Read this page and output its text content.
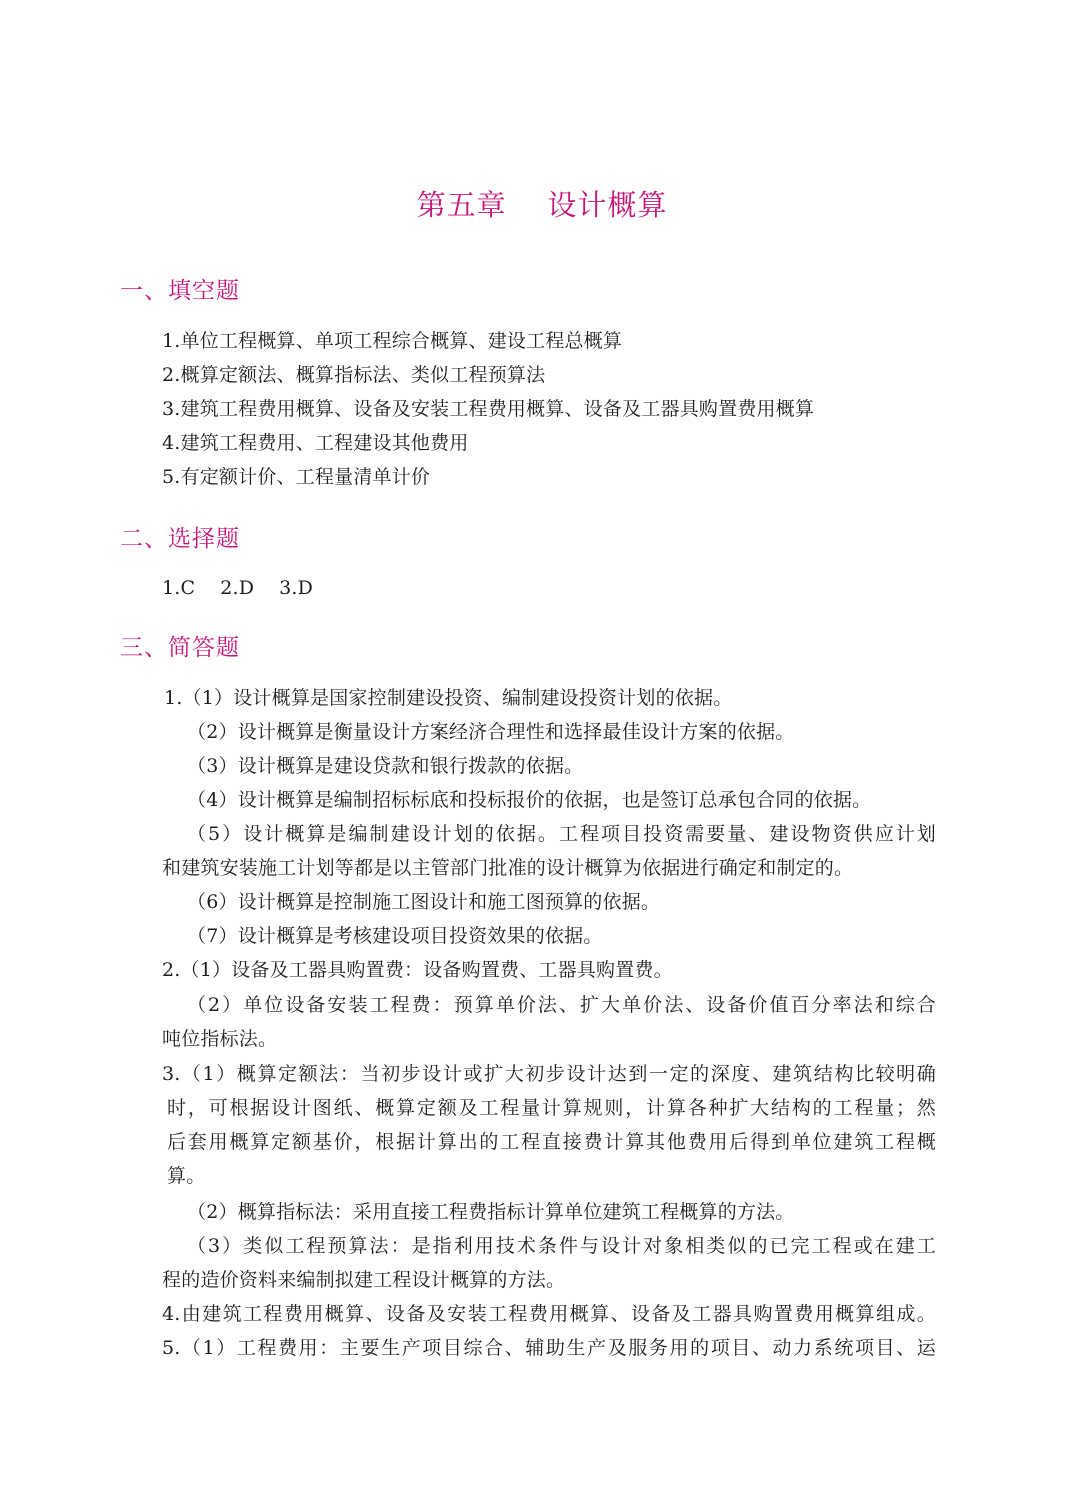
第五章    设计概算
一、填空题
1.单位工程概算、单项工程综合概算、建设工程总概算
2.概算定额法、概算指标法、类似工程预算法
3.建筑工程费用概算、设备及安装工程费用概算、设备及工器具购置费用概算
4.建筑工程费用、工程建设其他费用
5.有定额计价、工程量清单计价
二、选择题
1.C    2.D    3.D
三、简答题
1.（1）设计概算是国家控制建设投资、编制建设投资计划的依据。
（2）设计概算是衡量设计方案经济合理性和选择最佳设计方案的依据。
（3）设计概算是建设贷款和银行拨款的依据。
（4）设计概算是编制招标标底和投标报价的依据，也是签订总承包合同的依据。
（5）设计概算是编制建设计划的依据。工程项目投资需要量、建设物资供应计划
和建筑安装施工计划等都是以主管部门批准的设计概算为依据进行确定和制定的。
（6）设计概算是控制施工图设计和施工图预算的依据。
（7）设计概算是考核建设项目投资效果的依据。
2.（1）设备及工器具购置费：设备购置费、工器具购置费。
（2）单位设备安装工程费：预算单价法、扩大单价法、设备价值百分率法和综合
吨位指标法。
3.（1）概算定额法：当初步设计或扩大初步设计达到一定的深度、建筑结构比较明确
时，可根据设计图纸、概算定额及工程量计算规则，计算各种扩大结构的工程量；然
后套用概算定额基价，根据计算出的工程直接费计算其他费用后得到单位建筑工程概
算。
（2）概算指标法：采用直接工程费指标计算单位建筑工程概算的方法。
（3）类似工程预算法：是指利用技术条件与设计对象相类似的已完工程或在建工
程的造价资料来编制拟建工程设计概算的方法。
4.由建筑工程费用概算、设备及安装工程费用概算、设备及工器具购置费用概算组成。
5.（1）工程费用：主要生产项目综合、辅助生产及服务用的项目、动力系统项目、运
